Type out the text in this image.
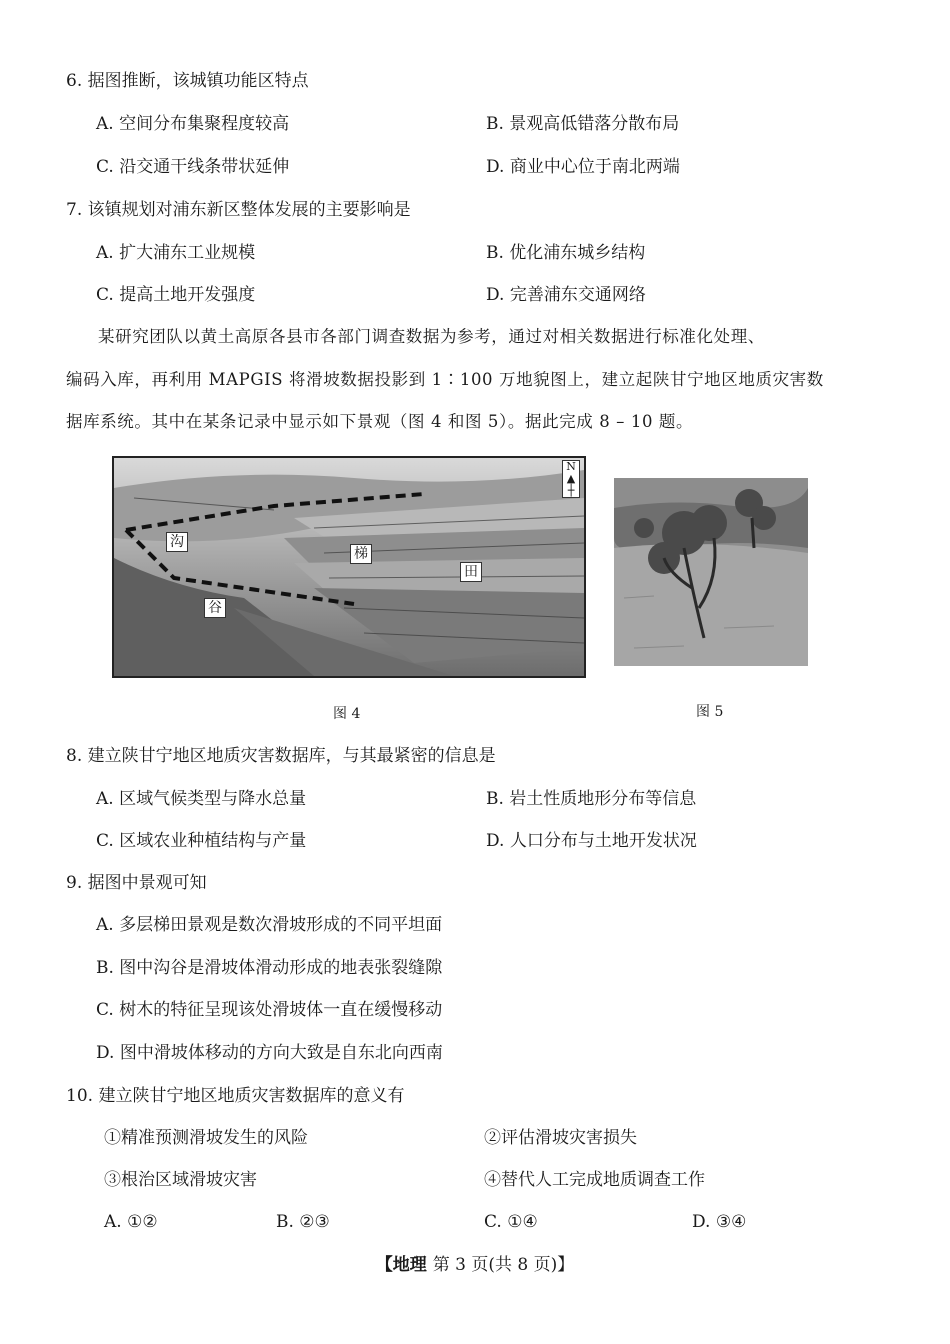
6. 据图推断，该城镇功能区特点
A. 空间分布集聚程度较高	B. 景观高低错落分散布局
C. 沿交通干线条带状延伸	D. 商业中心位于南北两端
7. 该镇规划对浦东新区整体发展的主要影响是
A. 扩大浦东工业规模	B. 优化浦东城乡结构
C. 提高土地开发强度	D. 完善浦东交通网络
某研究团队以黄土高原各县市各部门调查数据为参考，通过对相关数据进行标准化处理、
编码入库，再利用 MAPGIS 将滑坡数据投影到 1∶100 万地貌图上，建立起陕甘宁地区地质灾害数
据库系统。其中在某条记录中显示如下景观（图 4 和图 5）。据此完成 8 – 10 题。
沟
谷
梯
田
N
▲
┼
图 4	图 5
8. 建立陕甘宁地区地质灾害数据库，与其最紧密的信息是
A. 区域气候类型与降水总量	B. 岩土性质地形分布等信息
C. 区域农业种植结构与产量	D. 人口分布与土地开发状况
9. 据图中景观可知
A. 多层梯田景观是数次滑坡形成的不同平坦面
B. 图中沟谷是滑坡体滑动形成的地表张裂缝隙
C. 树木的特征呈现该处滑坡体一直在缓慢移动
D. 图中滑坡体移动的方向大致是自东北向西南
10. 建立陕甘宁地区地质灾害数据库的意义有
①精准预测滑坡发生的风险	②评估滑坡灾害损失
③根治区域滑坡灾害	④替代人工完成地质调查工作
A. ①②	B. ②③	C. ①④	D. ③④
【地理 第 3 页(共 8 页)】
